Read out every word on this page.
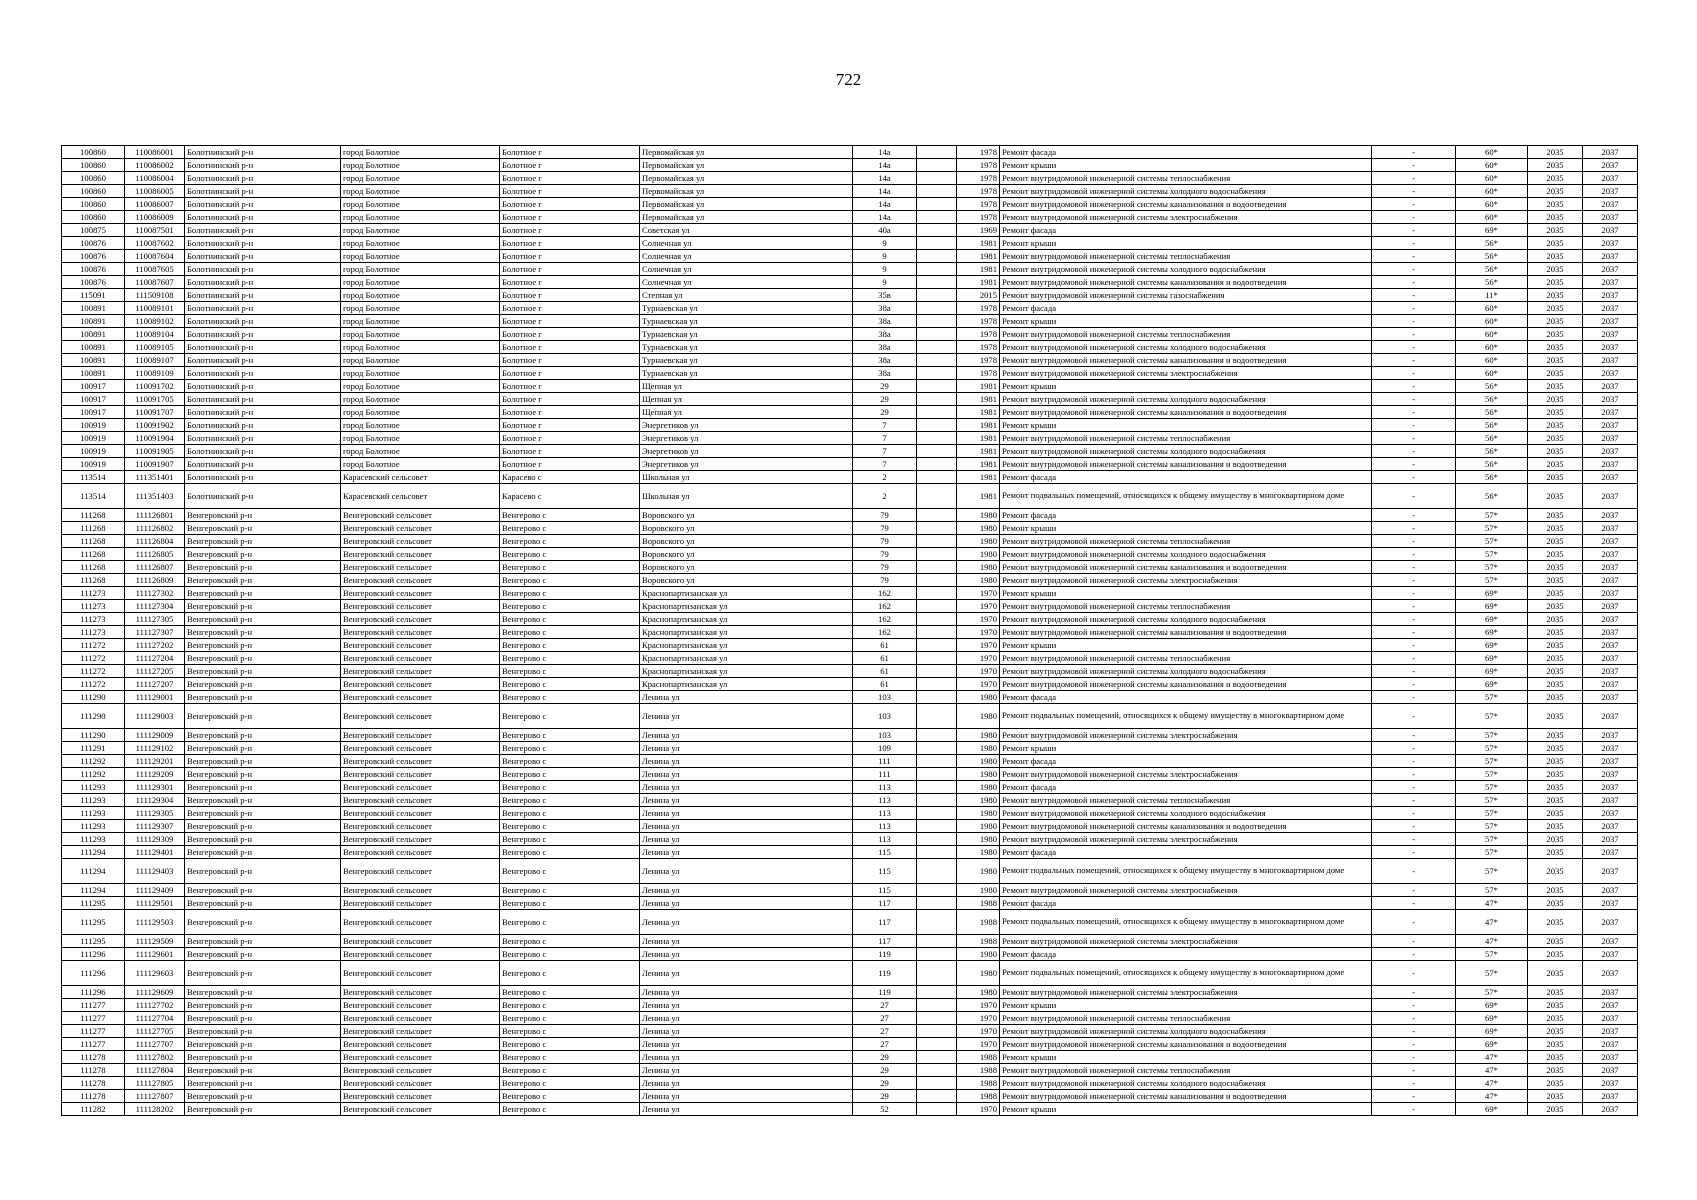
722
100860	110086001	Болотнинский р-н	город Болотное	Болотное г	Первомайская ул	14а		1978	Ремонт фасада	-	60*	2035	2037
100860	110086002	Болотнинский р-н	город Болотное	Болотное г	Первомайская ул	14а		1978	Ремонт крыши	-	60*	2035	2037
100860	110086004	Болотнинский р-н	город Болотное	Болотное г	Первомайская ул	14а		1978	Ремонт внутридомовой инженерной системы теплоснабжения	-	60*	2035	2037
100860	110086005	Болотнинский р-н	город Болотное	Болотное г	Первомайская ул	14а		1978	Ремонт внутридомовой инженерной системы холодного водоснабжения	-	60*	2035	2037
100860	110086007	Болотнинский р-н	город Болотное	Болотное г	Первомайская ул	14а		1978	Ремонт внутридомовой инженерной системы канализования и водоотведения	-	60*	2035	2037
100860	110086009	Болотнинский р-н	город Болотное	Болотное г	Первомайская ул	14а		1978	Ремонт внутридомовой инженерной системы электроснабжения	-	60*	2035	2037
100875	110087501	Болотнинский р-н	город Болотное	Болотное г	Советская ул	40а		1969	Ремонт фасада	-	69*	2035	2037
100876	110087602	Болотнинский р-н	город Болотное	Болотное г	Солнечная ул	9		1981	Ремонт крыши	-	56*	2035	2037
100876	110087604	Болотнинский р-н	город Болотное	Болотное г	Солнечная ул	9		1981	Ремонт внутридомовой инженерной системы теплоснабжения	-	56*	2035	2037
100876	110087605	Болотнинский р-н	город Болотное	Болотное г	Солнечная ул	9		1981	Ремонт внутридомовой инженерной системы холодного водоснабжения	-	56*	2035	2037
100876	110087607	Болотнинский р-н	город Болотное	Болотное г	Солнечная ул	9		1981	Ремонт внутридомовой инженерной системы канализования и водоотведения	-	56*	2035	2037
115091	111509108	Болотнинский р-н	город Болотное	Болотное г	Степная ул	35в		2015	Ремонт внутридомовой инженерной системы газоснабжения	-	11*	2035	2037
100891	110089101	Болотнинский р-н	город Болотное	Болотное г	Турнаевская ул	38а		1978	Ремонт фасада	-	60*	2035	2037
100891	110089102	Болотнинский р-н	город Болотное	Болотное г	Турнаевская ул	38а		1978	Ремонт крыши	-	60*	2035	2037
100891	110089104	Болотнинский р-н	город Болотное	Болотное г	Турнаевская ул	38а		1978	Ремонт внутридомовой инженерной системы теплоснабжения	-	60*	2035	2037
100891	110089105	Болотнинский р-н	город Болотное	Болотное г	Турнаевская ул	38а		1978	Ремонт внутридомовой инженерной системы холодного водоснабжения	-	60*	2035	2037
100891	110089107	Болотнинский р-н	город Болотное	Болотное г	Турнаевская ул	38а		1978	Ремонт внутридомовой инженерной системы канализования и водоотведения	-	60*	2035	2037
100891	110089109	Болотнинский р-н	город Болотное	Болотное г	Турнаевская ул	38а		1978	Ремонт внутридомовой инженерной системы электроснабжения	-	60*	2035	2037
100917	110091702	Болотнинский р-н	город Болотное	Болотное г	Щепная ул	29		1981	Ремонт крыши	-	56*	2035	2037
100917	110091705	Болотнинский р-н	город Болотное	Болотное г	Щепная ул	29		1981	Ремонт внутридомовой инженерной системы холодного водоснабжения	-	56*	2035	2037
100917	110091707	Болотнинский р-н	город Болотное	Болотное г	Щепная ул	29		1981	Ремонт внутридомовой инженерной системы канализования и водоотведения	-	56*	2035	2037
100919	110091902	Болотнинский р-н	город Болотное	Болотное г	Энергетиков ул	7		1981	Ремонт крыши	-	56*	2035	2037
100919	110091904	Болотнинский р-н	город Болотное	Болотное г	Энергетиков ул	7		1981	Ремонт внутридомовой инженерной системы теплоснабжения	-	56*	2035	2037
100919	110091905	Болотнинский р-н	город Болотное	Болотное г	Энергетиков ул	7		1981	Ремонт внутридомовой инженерной системы холодного водоснабжения	-	56*	2035	2037
100919	110091907	Болотнинский р-н	город Болотное	Болотное г	Энергетиков ул	7		1981	Ремонт внутридомовой инженерной системы канализования и водоотведения	-	56*	2035	2037
113514	111351401	Болотнинский р-н	Карасевский сельсовет	Карасево с	Школьная ул	2		1981	Ремонт фасада	-	56*	2035	2037
113514	111351403	Болотнинский р-н	Карасевский сельсовет	Карасево с	Школьная ул	2		1981	Ремонт подвальных помещений, относящихся к общему имуществу в многоквартирном доме	-	56*	2035	2037
111268	111126801	Венгеровский р-н	Венгеровский сельсовет	Венгерово с	Воровского ул	79		1980	Ремонт фасада	-	57*	2035	2037
111268	111126802	Венгеровский р-н	Венгеровский сельсовет	Венгерово с	Воровского ул	79		1980	Ремонт крыши	-	57*	2035	2037
111268	111126804	Венгеровский р-н	Венгеровский сельсовет	Венгерово с	Воровского ул	79		1980	Ремонт внутридомовой инженерной системы теплоснабжения	-	57*	2035	2037
111268	111126805	Венгеровский р-н	Венгеровский сельсовет	Венгерово с	Воровского ул	79		1980	Ремонт внутридомовой инженерной системы холодного водоснабжения	-	57*	2035	2037
111268	111126807	Венгеровский р-н	Венгеровский сельсовет	Венгерово с	Воровского ул	79		1980	Ремонт внутридомовой инженерной системы канализования и водоотведения	-	57*	2035	2037
111268	111126809	Венгеровский р-н	Венгеровский сельсовет	Венгерово с	Воровского ул	79		1980	Ремонт внутридомовой инженерной системы электроснабжения	-	57*	2035	2037
111273	111127302	Венгеровский р-н	Венгеровский сельсовет	Венгерово с	Краснопартизанская ул	162		1970	Ремонт крыши	-	69*	2035	2037
111273	111127304	Венгеровский р-н	Венгеровский сельсовет	Венгерово с	Краснопартизанская ул	162		1970	Ремонт внутридомовой инженерной системы теплоснабжения	-	69*	2035	2037
111273	111127305	Венгеровский р-н	Венгеровский сельсовет	Венгерово с	Краснопартизанская ул	162		1970	Ремонт внутридомовой инженерной системы холодного водоснабжения	-	69*	2035	2037
111273	111127307	Венгеровский р-н	Венгеровский сельсовет	Венгерово с	Краснопартизанская ул	162		1970	Ремонт внутридомовой инженерной системы канализования и водоотведения	-	69*	2035	2037
111272	111127202	Венгеровский р-н	Венгеровский сельсовет	Венгерово с	Краснопартизанская ул	61		1970	Ремонт крыши	-	69*	2035	2037
111272	111127204	Венгеровский р-н	Венгеровский сельсовет	Венгерово с	Краснопартизанская ул	61		1970	Ремонт внутридомовой инженерной системы теплоснабжения	-	69*	2035	2037
111272	111127205	Венгеровский р-н	Венгеровский сельсовет	Венгерово с	Краснопартизанская ул	61		1970	Ремонт внутридомовой инженерной системы холодного водоснабжения	-	69*	2035	2037
111272	111127207	Венгеровский р-н	Венгеровский сельсовет	Венгерово с	Краснопартизанская ул	61		1970	Ремонт внутридомовой инженерной системы канализования и водоотведения	-	69*	2035	2037
111290	111129001	Венгеровский р-н	Венгеровский сельсовет	Венгерово с	Ленина ул	103		1980	Ремонт фасада	-	57*	2035	2037
111290	111129003	Венгеровский р-н	Венгеровский сельсовет	Венгерово с	Ленина ул	103		1980	Ремонт подвальных помещений, относящихся к общему имуществу в многоквартирном доме	-	57*	2035	2037
111290	111129009	Венгеровский р-н	Венгеровский сельсовет	Венгерово с	Ленина ул	103		1980	Ремонт внутридомовой инженерной системы электроснабжения	-	57*	2035	2037
111291	111129102	Венгеровский р-н	Венгеровский сельсовет	Венгерово с	Ленина ул	109		1980	Ремонт крыши	-	57*	2035	2037
111292	111129201	Венгеровский р-н	Венгеровский сельсовет	Венгерово с	Ленина ул	111		1980	Ремонт фасада	-	57*	2035	2037
111292	111129209	Венгеровский р-н	Венгеровский сельсовет	Венгерово с	Ленина ул	111		1980	Ремонт внутридомовой инженерной системы электроснабжения	-	57*	2035	2037
111293	111129301	Венгеровский р-н	Венгеровский сельсовет	Венгерово с	Ленина ул	113		1980	Ремонт фасада	-	57*	2035	2037
111293	111129304	Венгеровский р-н	Венгеровский сельсовет	Венгерово с	Ленина ул	113		1980	Ремонт внутридомовой инженерной системы теплоснабжения	-	57*	2035	2037
111293	111129305	Венгеровский р-н	Венгеровский сельсовет	Венгерово с	Ленина ул	113		1980	Ремонт внутридомовой инженерной системы холодного водоснабжения	-	57*	2035	2037
111293	111129307	Венгеровский р-н	Венгеровский сельсовет	Венгерово с	Ленина ул	113		1980	Ремонт внутридомовой инженерной системы канализования и водоотведения	-	57*	2035	2037
111293	111129309	Венгеровский р-н	Венгеровский сельсовет	Венгерово с	Ленина ул	113		1980	Ремонт внутридомовой инженерной системы электроснабжения	-	57*	2035	2037
111294	111129401	Венгеровский р-н	Венгеровский сельсовет	Венгерово с	Ленина ул	115		1980	Ремонт фасада	-	57*	2035	2037
111294	111129403	Венгеровский р-н	Венгеровский сельсовет	Венгерово с	Ленина ул	115		1980	Ремонт подвальных помещений, относящихся к общему имуществу в многоквартирном доме	-	57*	2035	2037
111294	111129409	Венгеровский р-н	Венгеровский сельсовет	Венгерово с	Ленина ул	115		1980	Ремонт внутридомовой инженерной системы электроснабжения	-	57*	2035	2037
111295	111129501	Венгеровский р-н	Венгеровский сельсовет	Венгерово с	Ленина ул	117		1988	Ремонт фасада	-	47*	2035	2037
111295	111129503	Венгеровский р-н	Венгеровский сельсовет	Венгерово с	Ленина ул	117		1988	Ремонт подвальных помещений, относящихся к общему имуществу в многоквартирном доме	-	47*	2035	2037
111295	111129509	Венгеровский р-н	Венгеровский сельсовет	Венгерово с	Ленина ул	117		1988	Ремонт внутридомовой инженерной системы электроснабжения	-	47*	2035	2037
111296	111129601	Венгеровский р-н	Венгеровский сельсовет	Венгерово с	Ленина ул	119		1980	Ремонт фасада	-	57*	2035	2037
111296	111129603	Венгеровский р-н	Венгеровский сельсовет	Венгерово с	Ленина ул	119		1980	Ремонт подвальных помещений, относящихся к общему имуществу в многоквартирном доме	-	57*	2035	2037
111296	111129609	Венгеровский р-н	Венгеровский сельсовет	Венгерово с	Ленина ул	119		1980	Ремонт внутридомовой инженерной системы электроснабжения	-	57*	2035	2037
111277	111127702	Венгеровский р-н	Венгеровский сельсовет	Венгерово с	Ленина ул	27		1970	Ремонт крыши	-	69*	2035	2037
111277	111127704	Венгеровский р-н	Венгеровский сельсовет	Венгерово с	Ленина ул	27		1970	Ремонт внутридомовой инженерной системы теплоснабжения	-	69*	2035	2037
111277	111127705	Венгеровский р-н	Венгеровский сельсовет	Венгерово с	Ленина ул	27		1970	Ремонт внутридомовой инженерной системы холодного водоснабжения	-	69*	2035	2037
111277	111127707	Венгеровский р-н	Венгеровский сельсовет	Венгерово с	Ленина ул	27		1970	Ремонт внутридомовой инженерной системы канализования и водоотведения	-	69*	2035	2037
111278	111127802	Венгеровский р-н	Венгеровский сельсовет	Венгерово с	Ленина ул	29		1988	Ремонт крыши	-	47*	2035	2037
111278	111127804	Венгеровский р-н	Венгеровский сельсовет	Венгерово с	Ленина ул	29		1988	Ремонт внутридомовой инженерной системы теплоснабжения	-	47*	2035	2037
111278	111127805	Венгеровский р-н	Венгеровский сельсовет	Венгерово с	Ленина ул	29		1988	Ремонт внутридомовой инженерной системы холодного водоснабжения	-	47*	2035	2037
111278	111127807	Венгеровский р-н	Венгеровский сельсовет	Венгерово с	Ленина ул	29		1988	Ремонт внутридомовой инженерной системы канализования и водоотведения	-	47*	2035	2037
111282	111128202	Венгеровский р-н	Венгеровский сельсовет	Венгерово с	Ленина ул	52		1970	Ремонт крыши	-	69*	2035	2037
